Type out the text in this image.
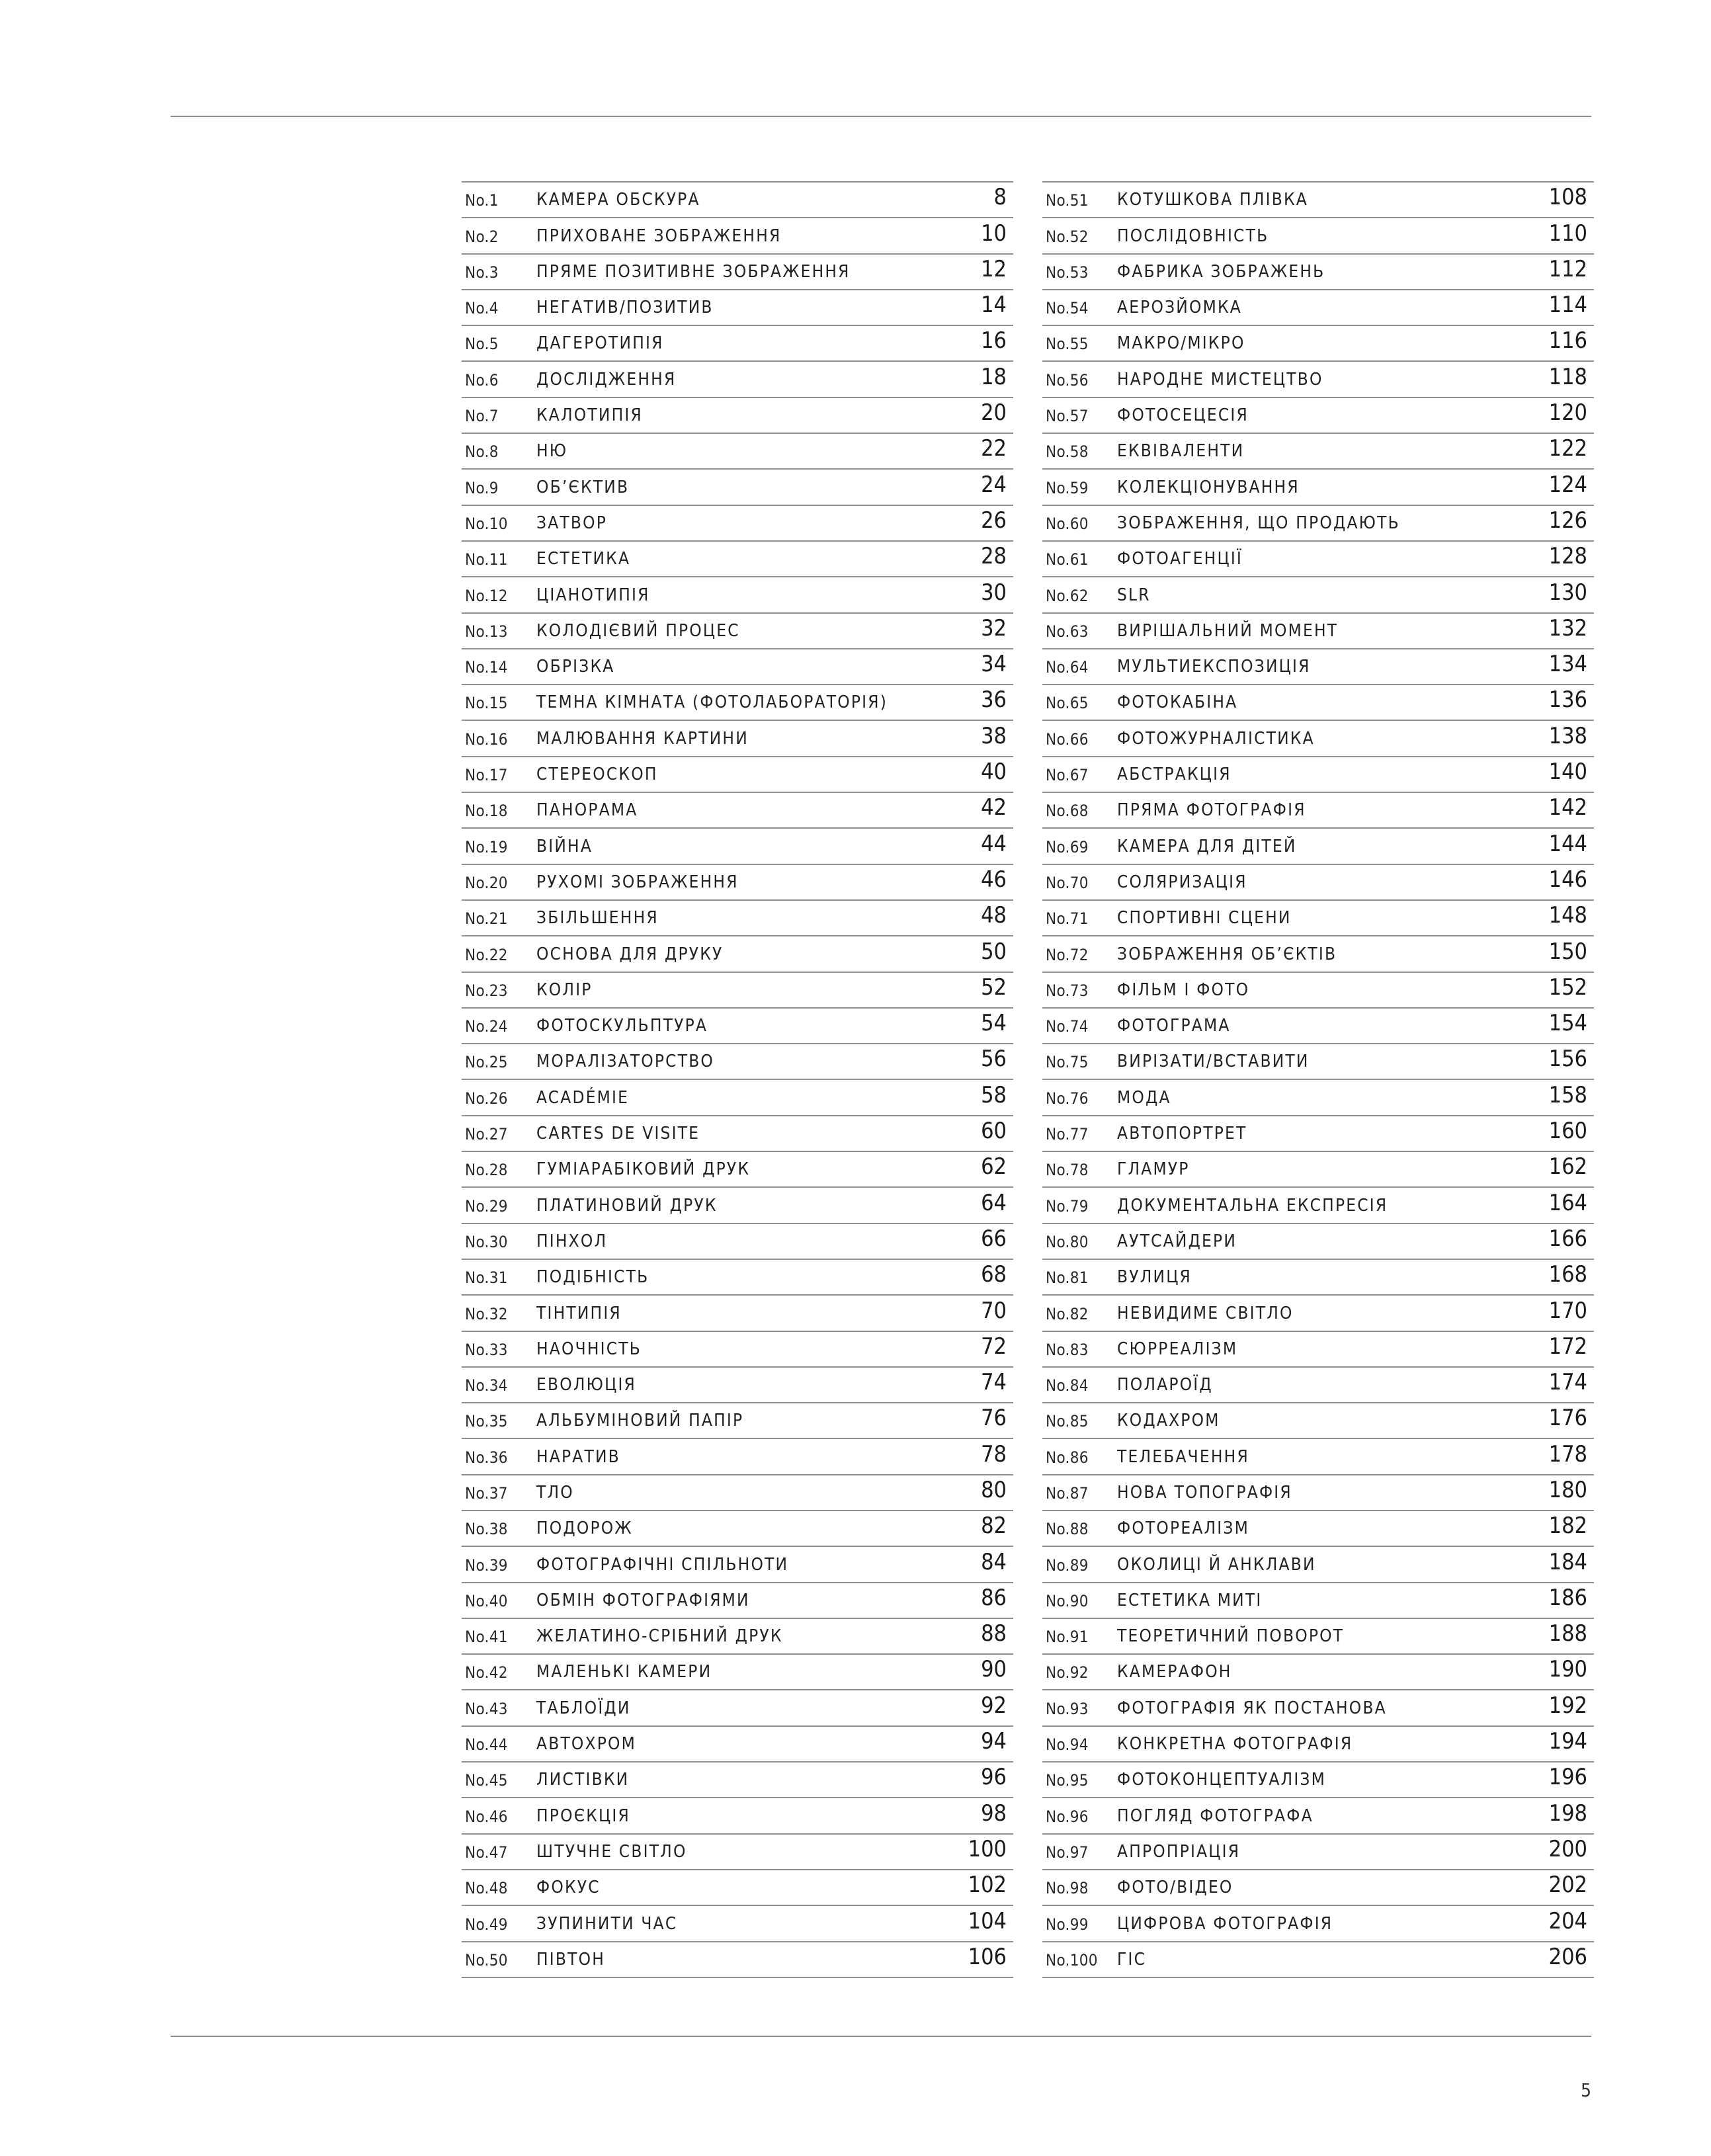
No.1 КАМЕРА ОБСКУРА	8
No.2 ПРИХОВАНЕ ЗОБРАЖЕННЯ	10
No.3 ПРЯМЕ ПОЗИТИВНЕ ЗОБРАЖЕННЯ	12
No.4 НЕГАТИВ/ПОЗИТИВ	14
No.5 ДАГЕРОТИПІЯ	16
No.6 ДОСЛІДЖЕННЯ	18
No.7 КАЛОТИПІЯ	20
No.8 НЮ	22
No.9 ОБ’ЄКТИВ	24
No.10 ЗАТВОР	26
No.11 ЕСТЕТИКА	28
No.12 ЦІАНОТИПІЯ	30
No.13 КОЛОДІЄВИЙ ПРОЦЕС	32
No.14 ОБРІЗКА	34
No.15 ТЕМНА КІМНАТА (ФОТОЛАБОРАТОРІЯ)	36
No.16 МАЛЮВАННЯ КАРТИНИ	38
No.17 СТЕРЕОСКОП	40
No.18 ПАНОРАМА	42
No.19 ВІЙНА	44
No.20 РУХОМІ ЗОБРАЖЕННЯ	46
No.21 ЗБІЛЬШЕННЯ	48
No.22 ОСНОВА ДЛЯ ДРУКУ	50
No.23 КОЛІР	52
No.24 ФОТОСКУЛЬПТУРА	54
No.25 МОРАЛІЗАТОРСТВО	56
No.26 ACADÉMIE	58
No.27 CARTES DE VISITE	60
No.28 ГУМІАРАБІКОВИЙ ДРУК	62
No.29 ПЛАТИНОВИЙ ДРУК	64
No.30 ПІНХОЛ	66
No.31 ПОДІБНІСТЬ	68
No.32 ТІНТИПІЯ	70
No.33 НАОЧНІСТЬ	72
No.34 ЕВОЛЮЦІЯ	74
No.35 АЛЬБУМІНОВИЙ ПАПІР	76
No.36 НАРАТИВ	78
No.37 ТЛО	80
No.38 ПОДОРОЖ	82
No.39 ФОТОГРАФІЧНІ СПІЛЬНОТИ	84
No.40 ОБМІН ФОТОГРАФІЯМИ	86
No.41 ЖЕЛАТИНО-СРІБНИЙ ДРУК	88
No.42 МАЛЕНЬКІ КАМЕРИ	90
No.43 ТАБЛОЇДИ	92
No.44 АВТОХРОМ	94
No.45 ЛИСТІВКИ	96
No.46 ПРОЄКЦІЯ	98
No.47 ШТУЧНЕ СВІТЛО	100
No.48 ФОКУС	102
No.49 ЗУПИНИТИ ЧАС	104
No.50 ПІВТОН	106
No.51 КОТУШКОВА ПЛІВКА	108
No.52 ПОСЛІДОВНІСТЬ	110
No.53 ФАБРИКА ЗОБРАЖЕНЬ	112
No.54 АЕРОЗЙОМКА	114
No.55 МАКРО/МІКРО	116
No.56 НАРОДНЕ МИСТЕЦТВО	118
No.57 ФОТОСЕЦЕСІЯ	120
No.58 ЕКВІВАЛЕНТИ	122
No.59 КОЛЕКЦІОНУВАННЯ	124
No.60 ЗОБРАЖЕННЯ, ЩО ПРОДАЮТЬ	126
No.61 ФОТОАГЕНЦІЇ	128
No.62 SLR	130
No.63 ВИРІШАЛЬНИЙ МОМЕНТ	132
No.64 МУЛЬТИЕКСПОЗИЦІЯ	134
No.65 ФОТОКАБІНА	136
No.66 ФОТОЖУРНАЛІСТИКА	138
No.67 АБСТРАКЦІЯ	140
No.68 ПРЯМА ФОТОГРАФІЯ	142
No.69 КАМЕРА ДЛЯ ДІТЕЙ	144
No.70 СОЛЯРИЗАЦІЯ	146
No.71 СПОРТИВНІ СЦЕНИ	148
No.72 ЗОБРАЖЕННЯ ОБ’ЄКТІВ	150
No.73 ФІЛЬМ І ФОТО	152
No.74 ФОТОГРАМА	154
No.75 ВИРІЗАТИ/ВСТАВИТИ	156
No.76 МОДА	158
No.77 АВТОПОРТРЕТ	160
No.78 ГЛАМУР	162
No.79 ДОКУМЕНТАЛЬНА ЕКСПРЕСІЯ	164
No.80 АУТСАЙДЕРИ	166
No.81 ВУЛИЦЯ	168
No.82 НЕВИДИМЕ СВІТЛО	170
No.83 СЮРРЕАЛІЗМ	172
No.84 ПОЛАРОЇД	174
No.85 КОДАХРОМ	176
No.86 ТЕЛЕБАЧЕННЯ	178
No.87 НОВА ТОПОГРАФІЯ	180
No.88 ФОТОРЕАЛІЗМ	182
No.89 ОКОЛИЦІ Й АНКЛАВИ	184
No.90 ЕСТЕТИКА МИТІ	186
No.91 ТЕОРЕТИЧНИЙ ПОВОРОТ	188
No.92 КАМЕРАФОН	190
No.93 ФОТОГРАФІЯ ЯК ПОСТАНОВА	192
No.94 КОНКРЕТНА ФОТОГРАФІЯ	194
No.95 ФОТОКОНЦЕПТУАЛІЗМ	196
No.96 ПОГЛЯД ФОТОГРАФА	198
No.97 АПРОПРІАЦІЯ	200
No.98 ФОТО/ВІДЕО	202
No.99 ЦИФРОВА ФОТОГРАФІЯ	204
No.100 ГІС	206
5
